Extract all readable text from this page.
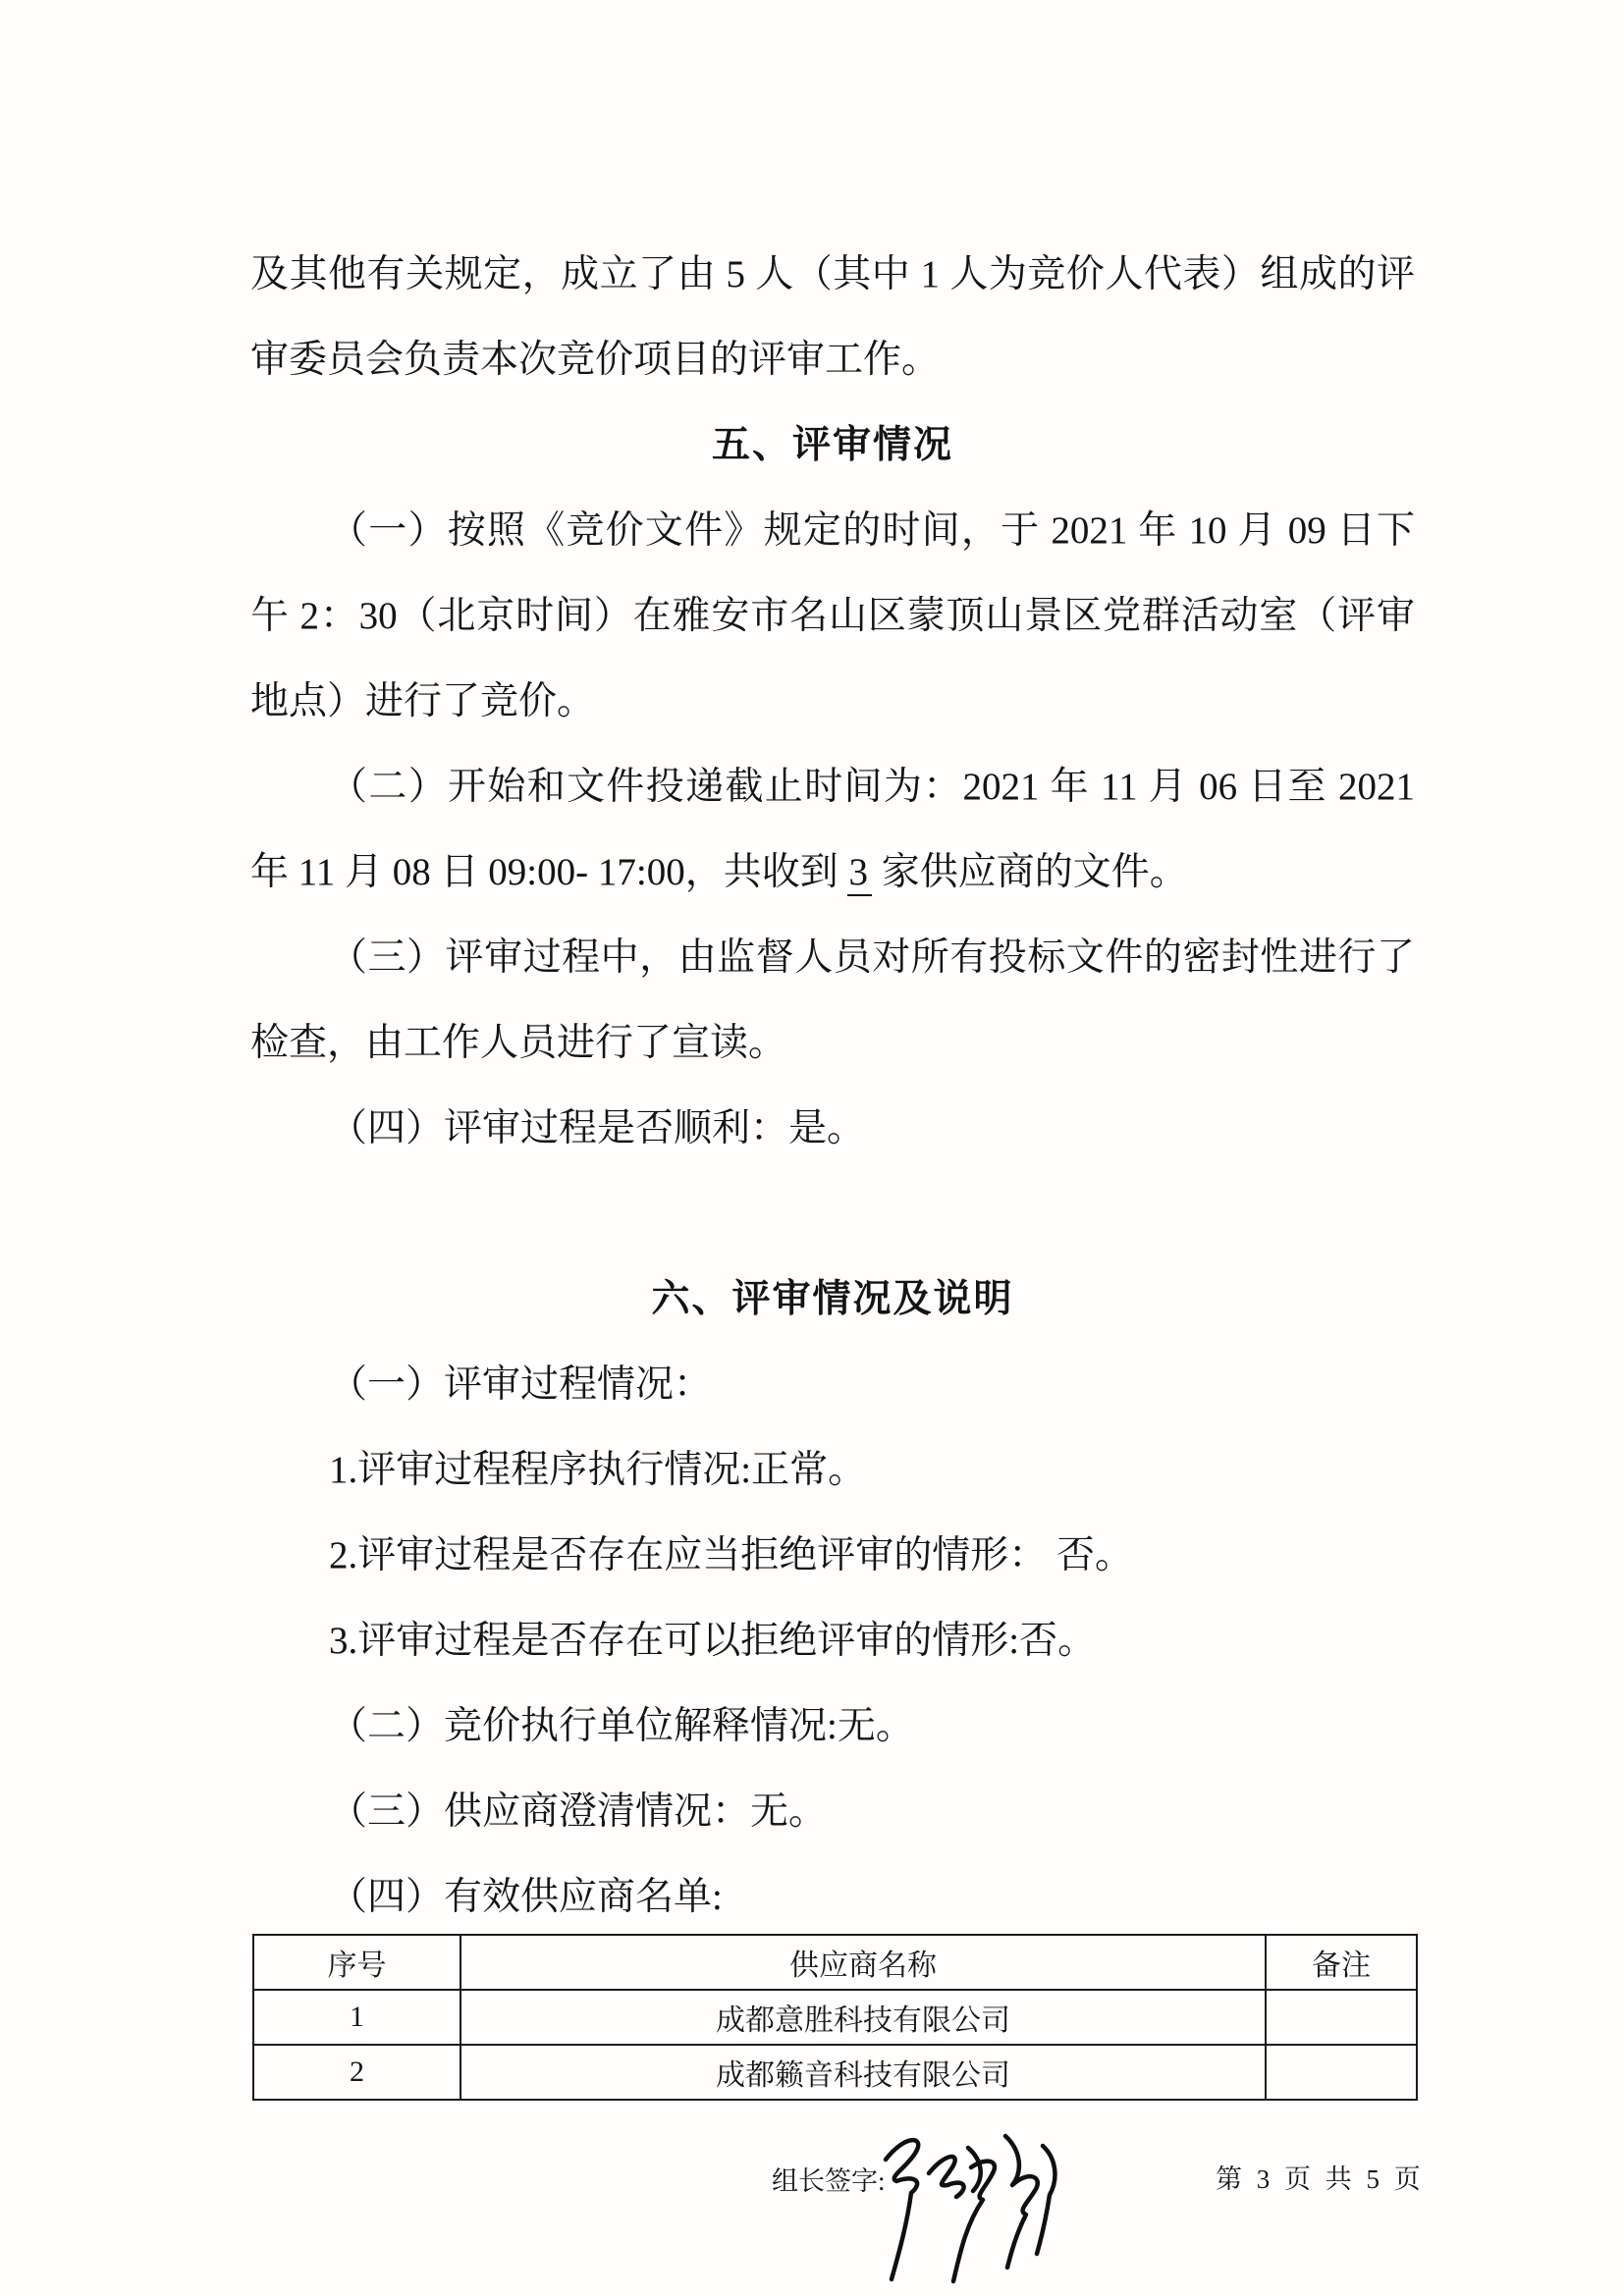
及其他有关规定，成立了由 5 人（其中 1 人为竞价人代表）组成的评
审委员会负责本次竞价项目的评审工作。
五、评审情况
（一）按照《竞价文件》规定的时间，于 2021 年 10 月 09 日下
午 2：30（北京时间）在雅安市名山区蒙顶山景区党群活动室（评审
地点）进行了竞价。
（二）开始和文件投递截止时间为：2021 年 11 月 06 日至 2021
年 11 月 08 日 09:00- 17:00，共收到 3 家供应商的文件。
（三）评审过程中，由监督人员对所有投标文件的密封性进行了
检查，由工作人员进行了宣读。
（四）评审过程是否顺利：是。
六、评审情况及说明
（一）评审过程情况：
1.评审过程程序执行情况:正常。
2.评审过程是否存在应当拒绝评审的情形： 否。
3.评审过程是否存在可以拒绝评审的情形:否。
（二）竞价执行单位解释情况:无。
（三）供应商澄清情况：无。
（四）有效供应商名单:
序号	供应商名称	备注
1	成都意胜科技有限公司	
2	成都籁音科技有限公司	
组长签字:	第 3 页 共 5 页
